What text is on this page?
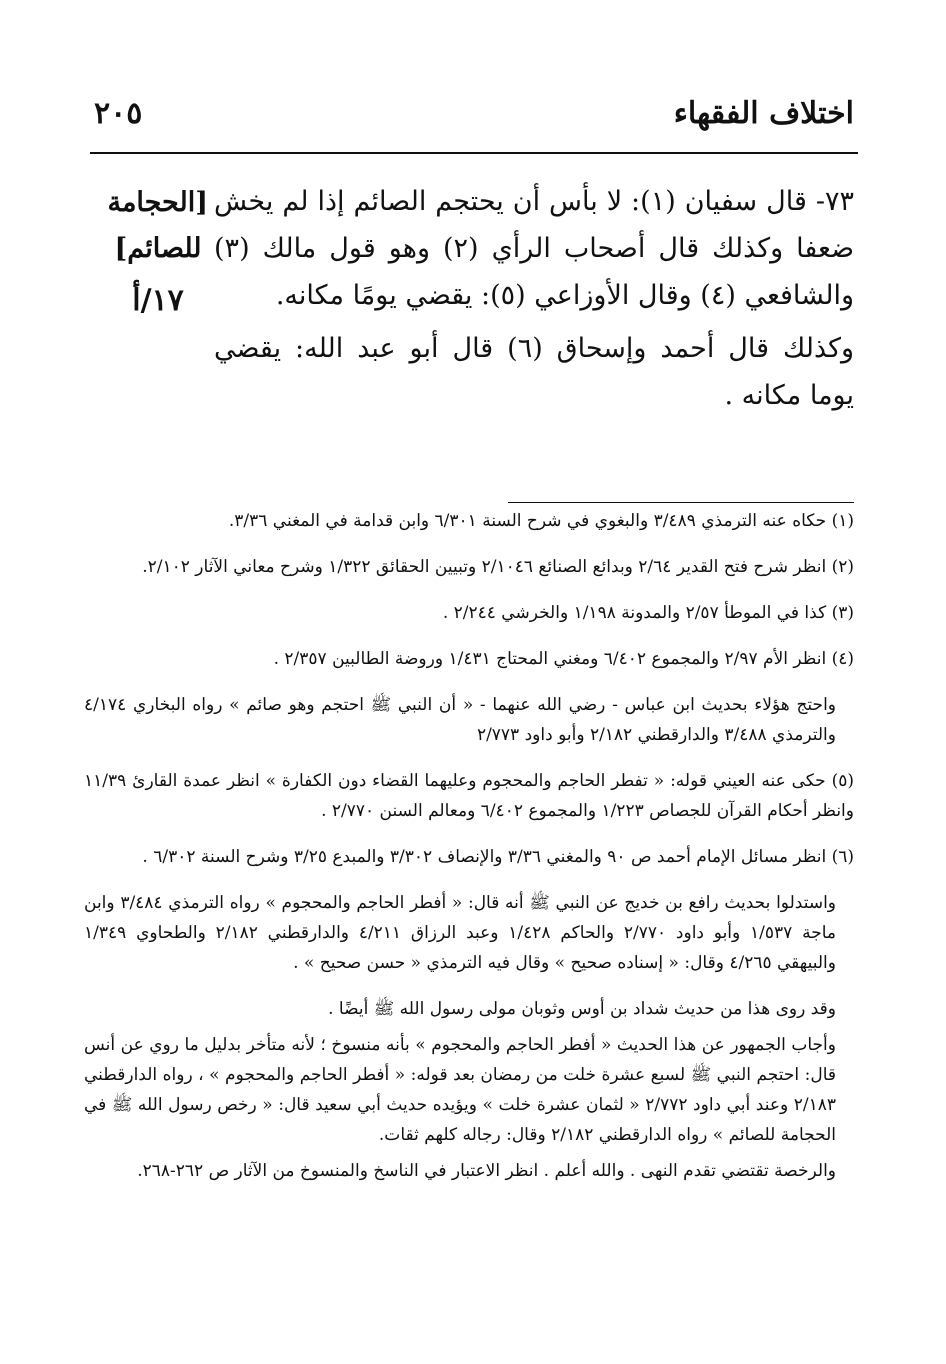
اختلاف الفقهاء
٢٠٥
[الحجامة للصائم]
١٧/أ

٧٣- قال سفيان (١): لا بأس أن يحتجم الصائم إذا لم يخش ضعفا وكذلك قال أصحاب الرأي (٢) وهو قول مالك (٣) والشافعي (٤) وقال الأوزاعي (٥): يقضي يومًا مكانه.

وكذلك قال أحمد وإسحاق (٦) قال أبو عبد الله: يقضي يوما مكانه .

(١) حكاه عنه الترمذي ٣/٤٨٩ والبغوي في شرح السنة ٦/٣٠١ وابن قدامة في المغني ٣/٣٦.

(٢) انظر شرح فتح القدير ٢/٦٤ وبدائع الصنائع ٢/١٠٤٦ وتبيين الحقائق ١/٣٢٢ وشرح معاني الآثار ٢/١٠٢.

(٣) كذا في الموطأ ٢/٥٧ والمدونة ١/١٩٨ والخرشي ٢/٢٤٤ .

(٤) انظر الأم ٢/٩٧ والمجموع ٦/٤٠٢ ومغني المحتاج ١/٤٣١ وروضة الطالبين ٢/٣٥٧ .

واحتج هؤلاء بحديث ابن عباس - رضي الله عنهما - « أن النبي ﷺ احتجم وهو صائم » رواه البخاري ٤/١٧٤ والترمذي ٣/٤٨٨ والدارقطني ٢/١٨٢ وأبو داود ٢/٧٧٣

(٥) حكى عنه العيني قوله: « تفطر الحاجم والمحجوم وعليهما القضاء دون الكفارة » انظر عمدة القارئ ١١/٣٩ وانظر أحكام القرآن للجصاص ١/٢٢٣ والمجموع ٦/٤٠٢ ومعالم السنن ٢/٧٧٠ .

(٦) انظر مسائل الإمام أحمد ص ٩٠ والمغني ٣/٣٦ والإنصاف ٣/٣٠٢ والمبدع ٣/٢٥ وشرح السنة ٦/٣٠٢ .

واستدلوا بحديث رافع بن خديج عن النبي ﷺ أنه قال: « أفطر الحاجم والمحجوم » رواه الترمذي ٣/٤٨٤ وابن ماجة ١/٥٣٧ وأبو داود ٢/٧٧٠ والحاكم ١/٤٢٨ وعبد الرزاق ٤/٢١١ والدارقطني ٢/١٨٢ والطحاوي ١/٣٤٩ والبيهقي ٤/٢٦٥ وقال: « إسناده صحيح » وقال فيه الترمذي « حسن صحيح » .

وقد روى هذا من حديث شداد بن أوس وثوبان مولى رسول الله ﷺ أيضًا .

وأجاب الجمهور عن هذا الحديث « أفطر الحاجم والمحجوم » بأنه منسوخ ؛ لأنه متأخر بدليل ما روي عن أنس قال: احتجم النبي ﷺ لسبع عشرة خلت من رمضان بعد قوله: « أفطر الحاجم والمحجوم » ، رواه الدارقطني ٢/١٨٣ وعند أبي داود ٢/٧٧٢ « لثمان عشرة خلت » ويؤيده حديث أبي سعيد قال: « رخص رسول الله ﷺ في الحجامة للصائم » رواه الدارقطني ٢/١٨٢ وقال: رجاله كلهم ثقات.

والرخصة تقتضي تقدم النهى . والله أعلم . انظر الاعتبار في الناسخ والمنسوخ من الآثار ص ٢٦٢-٢٦٨.
